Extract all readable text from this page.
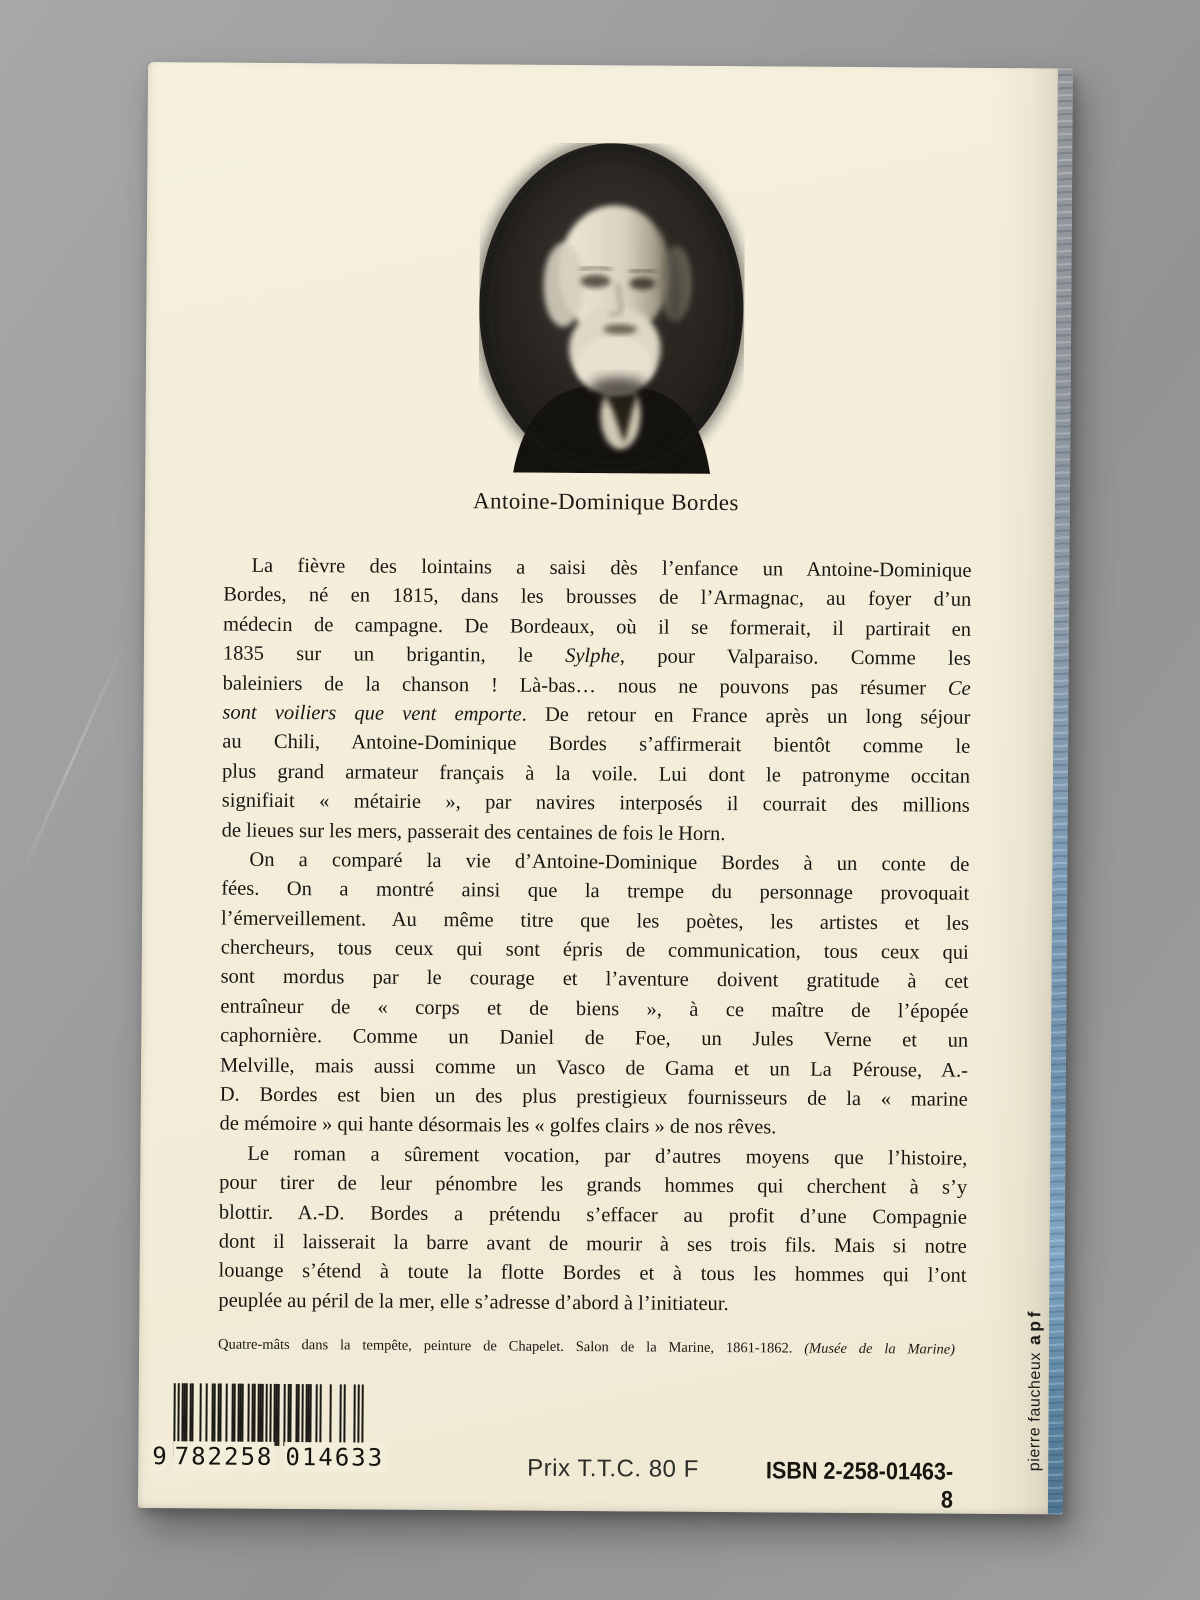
Antoine-Dominique Bordes
La fièvre des lointains a saisi dès l’enfance un Antoine-Dominique
Bordes, né en 1815, dans les brousses de l’Armagnac, au foyer d’un
médecin de campagne. De Bordeaux, où il se formerait, il partirait en
1835 sur un brigantin, le Sylphe, pour Valparaiso. Comme les
baleiniers de la chanson ! Là-bas… nous ne pouvons pas résumer Ce
sont voiliers que vent emporte. De retour en France après un long séjour
au Chili, Antoine-Dominique Bordes s’affirmerait bientôt comme le
plus grand armateur français à la voile. Lui dont le patronyme occitan
signifiait « métairie », par navires interposés il courrait des millions
de lieues sur les mers, passerait des centaines de fois le Horn.
On a comparé la vie d’Antoine-Dominique Bordes à un conte de
fées. On a montré ainsi que la trempe du personnage provoquait
l’émerveillement. Au même titre que les poètes, les artistes et les
chercheurs, tous ceux qui sont épris de communication, tous ceux qui
sont mordus par le courage et l’aventure doivent gratitude à cet
entraîneur de « corps et de biens », à ce maître de l’épopée
caphornière. Comme un Daniel de Foe, un Jules Verne et un
Melville, mais aussi comme un Vasco de Gama et un La Pérouse, A.-
D. Bordes est bien un des plus prestigieux fournisseurs de la « marine
de mémoire » qui hante désormais les « golfes clairs » de nos rêves.
Le roman a sûrement vocation, par d’autres moyens que l’histoire,
pour tirer de leur pénombre les grands hommes qui cherchent à s’y
blottir. A.-D. Bordes a prétendu s’effacer au profit d’une Compagnie
dont il laisserait la barre avant de mourir à ses trois fils. Mais si notre
louange s’étend à toute la flotte Bordes et à tous les hommes qui l’ont
peuplée au péril de la mer, elle s’adresse d’abord à l’initiateur.
Quatre-mâts dans la tempête, peinture de Chapelet. Salon de la Marine, 1861-1862. (Musée de la Marine)
9 782258 014633	Prix T.T.C. 80 F	ISBN 2-258-01463-8
pierre faucheuxapf
